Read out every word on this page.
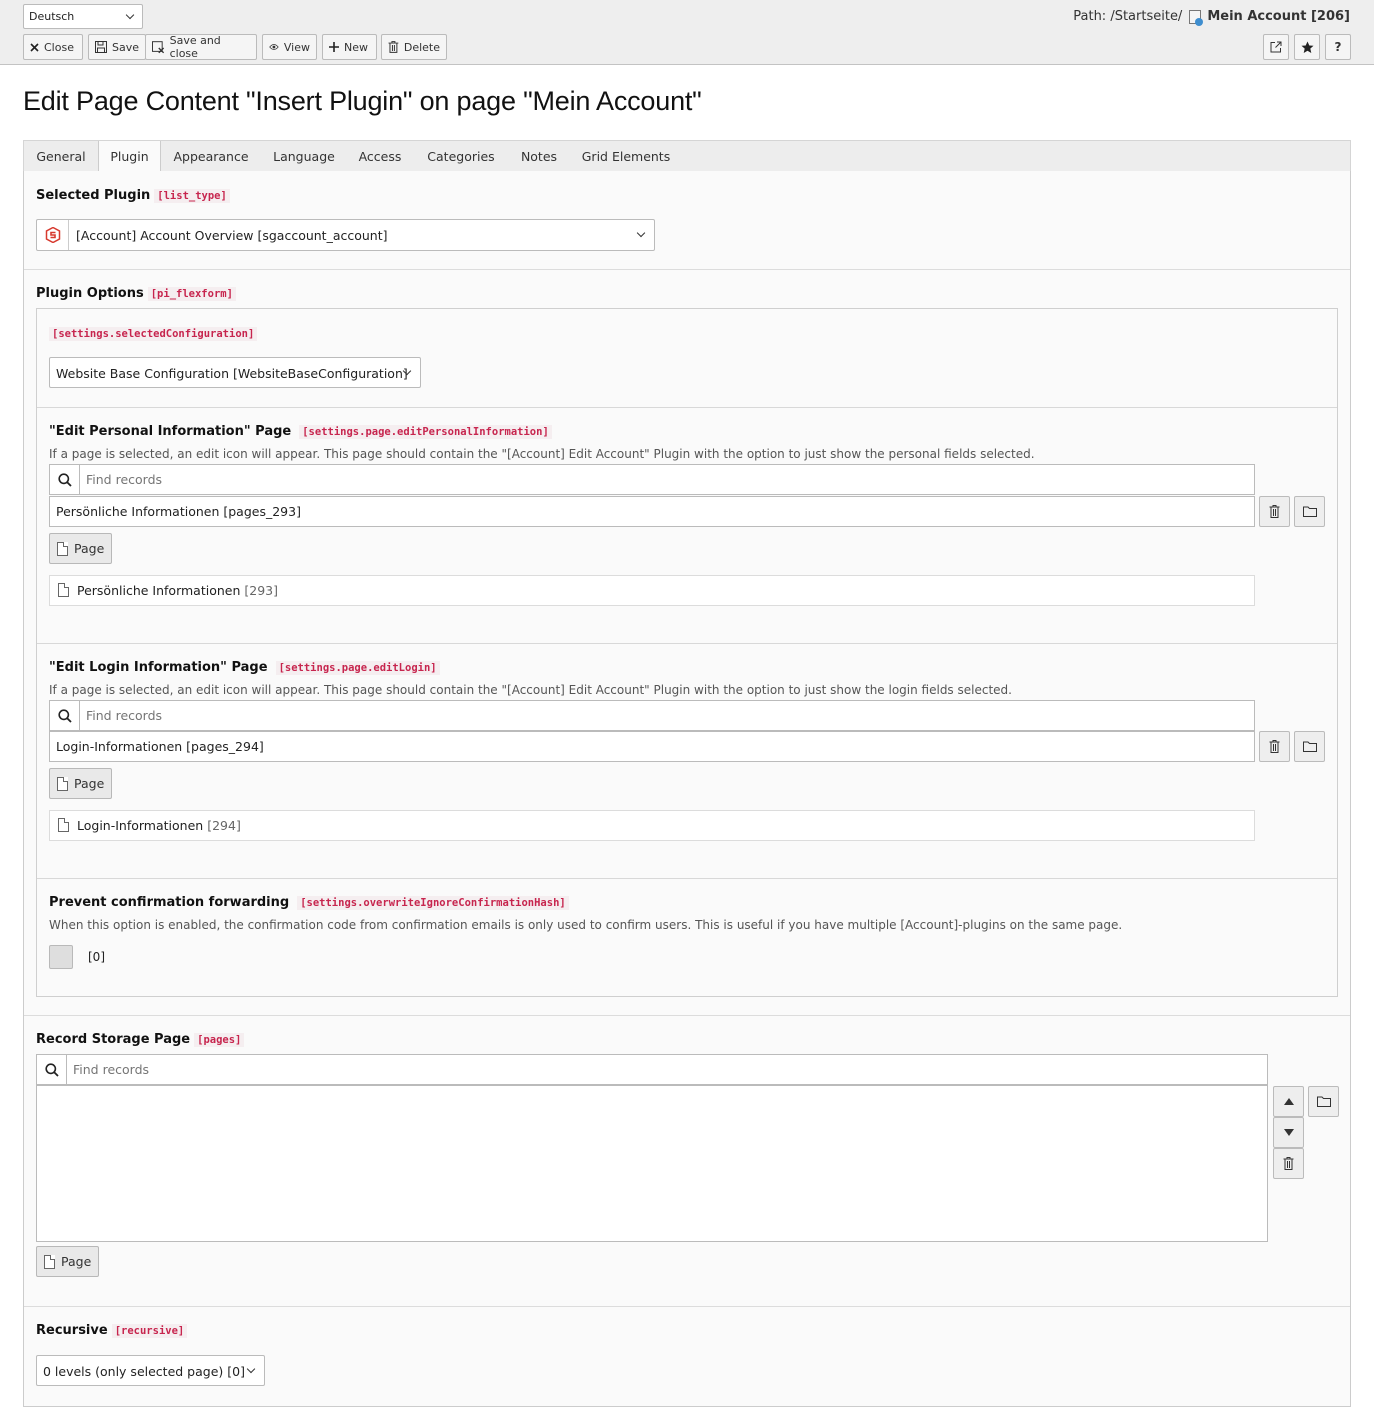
Deutsch	Path: /Startseite/ Mein Account [206]
Close	Save	Save and close	View	New	Delete	?
Edit Page Content "Insert Plugin" on page "Mein Account"
General	Plugin	Appearance	Language	Access	Categories	Notes	Grid Elements
Selected Plugin [list_type]
[Account] Account Overview [sgaccount_account]
Plugin Options [pi_flexform]
[settings.selectedConfiguration]
Website Base Configuration [WebsiteBaseConfiguration]
"Edit Personal Information" Page [settings.page.editPersonalInformation]
If a page is selected, an edit icon will appear. This page should contain the "[Account] Edit Account" Plugin with the option to just show the personal fields selected.
Find records
Persönliche Informationen [pages_293]
Page
Persönliche Informationen [293]
"Edit Login Information" Page [settings.page.editLogin]
If a page is selected, an edit icon will appear. This page should contain the "[Account] Edit Account" Plugin with the option to just show the login fields selected.
Find records
Login-Informationen [pages_294]
Page
Login-Informationen [294]
Prevent confirmation forwarding [settings.overwriteIgnoreConfirmationHash]
When this option is enabled, the confirmation code from confirmation emails is only used to confirm users. This is useful if you have multiple [Account]-plugins on the same page.
[0]
Record Storage Page [pages]
Find records
Page
Recursive [recursive]
0 levels (only selected page) [0]
